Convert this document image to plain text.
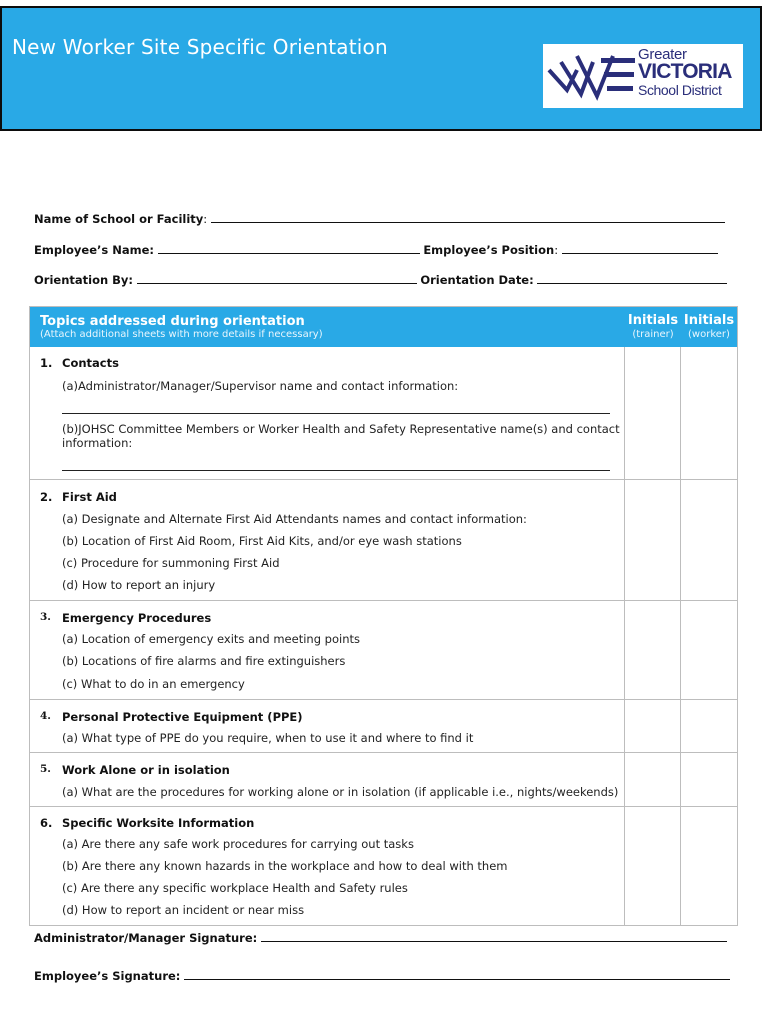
New Worker Site Specific Orientation	Greater
VICTORIA
School District
Name of School or Facility:
Employee’s Name:	Employee’s Position:
Orientation By:	Orientation Date:
Topics addressed during orientation
(Attach additional sheets with more details if necessary)
Initials Initials
(trainer)	(worker)
1. Contacts
(a)Administrator/Manager/Supervisor name and contact information:
(b)JOHSC Committee Members or Worker Health and Safety Representative name(s) and contact information:
2. First Aid
(a) Designate and Alternate First Aid Attendants names and contact information:
(b) Location of First Aid Room, First Aid Kits, and/or eye wash stations
(c) Procedure for summoning First Aid
(d) How to report an injury
3. Emergency Procedures
(a) Location of emergency exits and meeting points
(b) Locations of fire alarms and fire extinguishers
(c) What to do in an emergency
4. Personal Protective Equipment (PPE)
(a) What type of PPE do you require, when to use it and where to find it
5. Work Alone or in isolation
(a) What are the procedures for working alone or in isolation (if applicable i.e., nights/weekends)
6. Specific Worksite Information
(a) Are there any safe work procedures for carrying out tasks
(b) Are there any known hazards in the workplace and how to deal with them
(c) Are there any specific workplace Health and Safety rules
(d) How to report an incident or near miss
Administrator/Manager Signature:
Employee’s Signature:
